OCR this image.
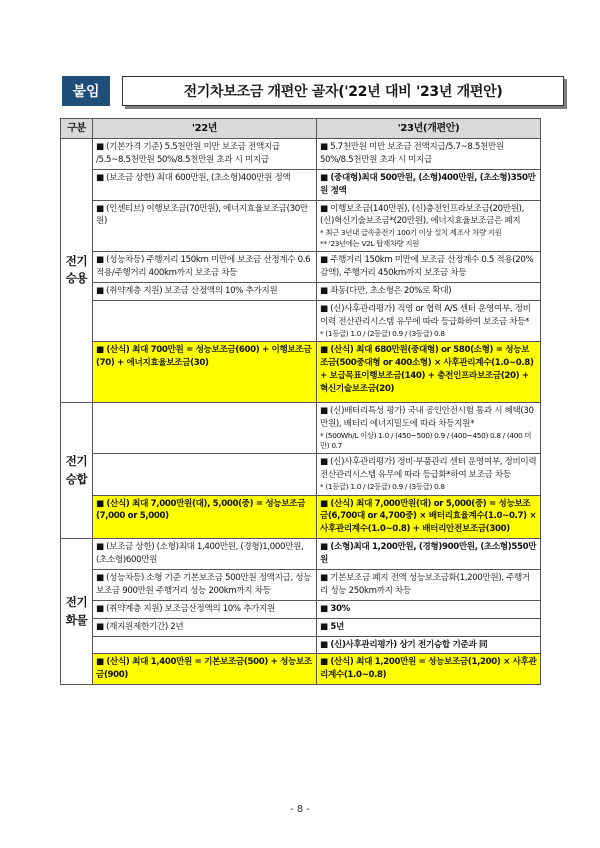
붙임	전기차보조금 개편안 골자('22년 대비 '23년 개편안)
구분	'22년	'23년(개편안)
전기승용	■ (기본가격 기준) 5.5천만원 미만 보조금 전액지급 /5.5~8.5천만원 50%/8.5천만원 초과 시 미지급	■ 5.7천만원 미만 보조금 전액지급/5.7~8.5천만원 50%/8.5천만원 초과 시 미지급
	■ (보조금 상한) 최대 600만원, (초소형)400만원 정액	■ (중대형)최대 500만원, (소형)400만원, (초소형)350만원 정액
	■ (인센티브) 이행보조금(70만원), 에너지효율보조금(30만원)	■ 이행보조금(140만원), (신)충전인프라보조금(20만원), (신)혁신기술보조금*(20만원), 에너지효율보조금은 폐지
* 최근 3년내 급속충전기 100기 이상 설치 제조사 차량 지원
** '23년에는 V2L 탑재차량 지원

	■ (성능차등) 주행거리 150km 미만에 보조금 산정계수 0.6 적용/주행거리 400km까지 보조금 차등	■ 주행거리 150km 미만에 보조금 산정계수 0.5 적용(20% 감액), 주행거리 450km까지 보조금 차등
	■ (취약계층 지원) 보조금 산정액의 10% 추가지원	■ 좌동(다만, 초소형은 20%로 확대)
		■ (신)사후관리평가) 직영 or 협력 A/S 센터 운영여부, 정비이력 전산관리시스템 유무에 따라 등급화하여 보조금 차등*
* (1등급) 1.0 / (2등급) 0.9 / (3등급) 0.8

	■ (산식) 최대 700만원 = 성능보조금(600) + 이행보조금(70) + 에너지효율보조금(30)	■ (산식) 최대 680만원(중대형) or 580(소형) = 성능보조금(500중대형 or 400소형) × 사후관리계수(1.0~0.8) + 보급목표이행보조금(140) + 충전인프라보조금(20) + 혁신기술보조금(20)
전기승합		■ (신)배터리특성 평가) 국내 공인안전시험 통과 시 혜택(30만원), 배터리 에너지밀도에 따라 차등지원*
* (500Wh/L 이상) 1.0 / (450~500) 0.9 / (400~450) 0.8 / (400 미만) 0.7

		■ (신)사후관리평가) 정비·부품관리 센터 운영여부, 정비이력 전산관리시스템 유무에 따라 등급화*하여 보조금 차등
* (1등급) 1.0 / (2등급) 0.9 / (3등급) 0.8

	■ (산식) 최대 7,000만원(대), 5,000(중) = 성능보조금(7,000 or 5,000)	■ (산식) 최대 7,000만원(대) or 5,000(중) = 성능보조금(6,700대 or 4,700중) × 배터리효율계수(1.0~0.7) × 사후관리계수(1.0~0.8) + 배터리안전보조금(300)
전기화물	■ (보조금 상한) (소형)최대 1,400만원, (경형)1,000만원, (초소형)600만원	■ (소형)최대 1,200만원, (경형)900만원, (초소형)550만원
	■ (성능차등) 소형 기준 기본보조금 500만원 정액지급, 성능보조금 900만원 주행거리 성능 200km까지 차등	■ 기본보조금 폐지 전액 성능보조금화(1,200만원), 주행거리 성능 250km까지 차등
	■ (취약계층 지원) 보조금산정액의 10% 추가지원	■ 30%
	■ (재지원제한기간) 2년	■ 5년
		■ (신)사후관리평가) 상기 전기승합 기준과 同
	■ (산식) 최대 1,400만원 = 기본보조금(500) + 성능보조금(900)	■ (산식) 최대 1,200만원 = 성능보조금(1,200) × 사후관리계수(1.0~0.8)
- 8 -
